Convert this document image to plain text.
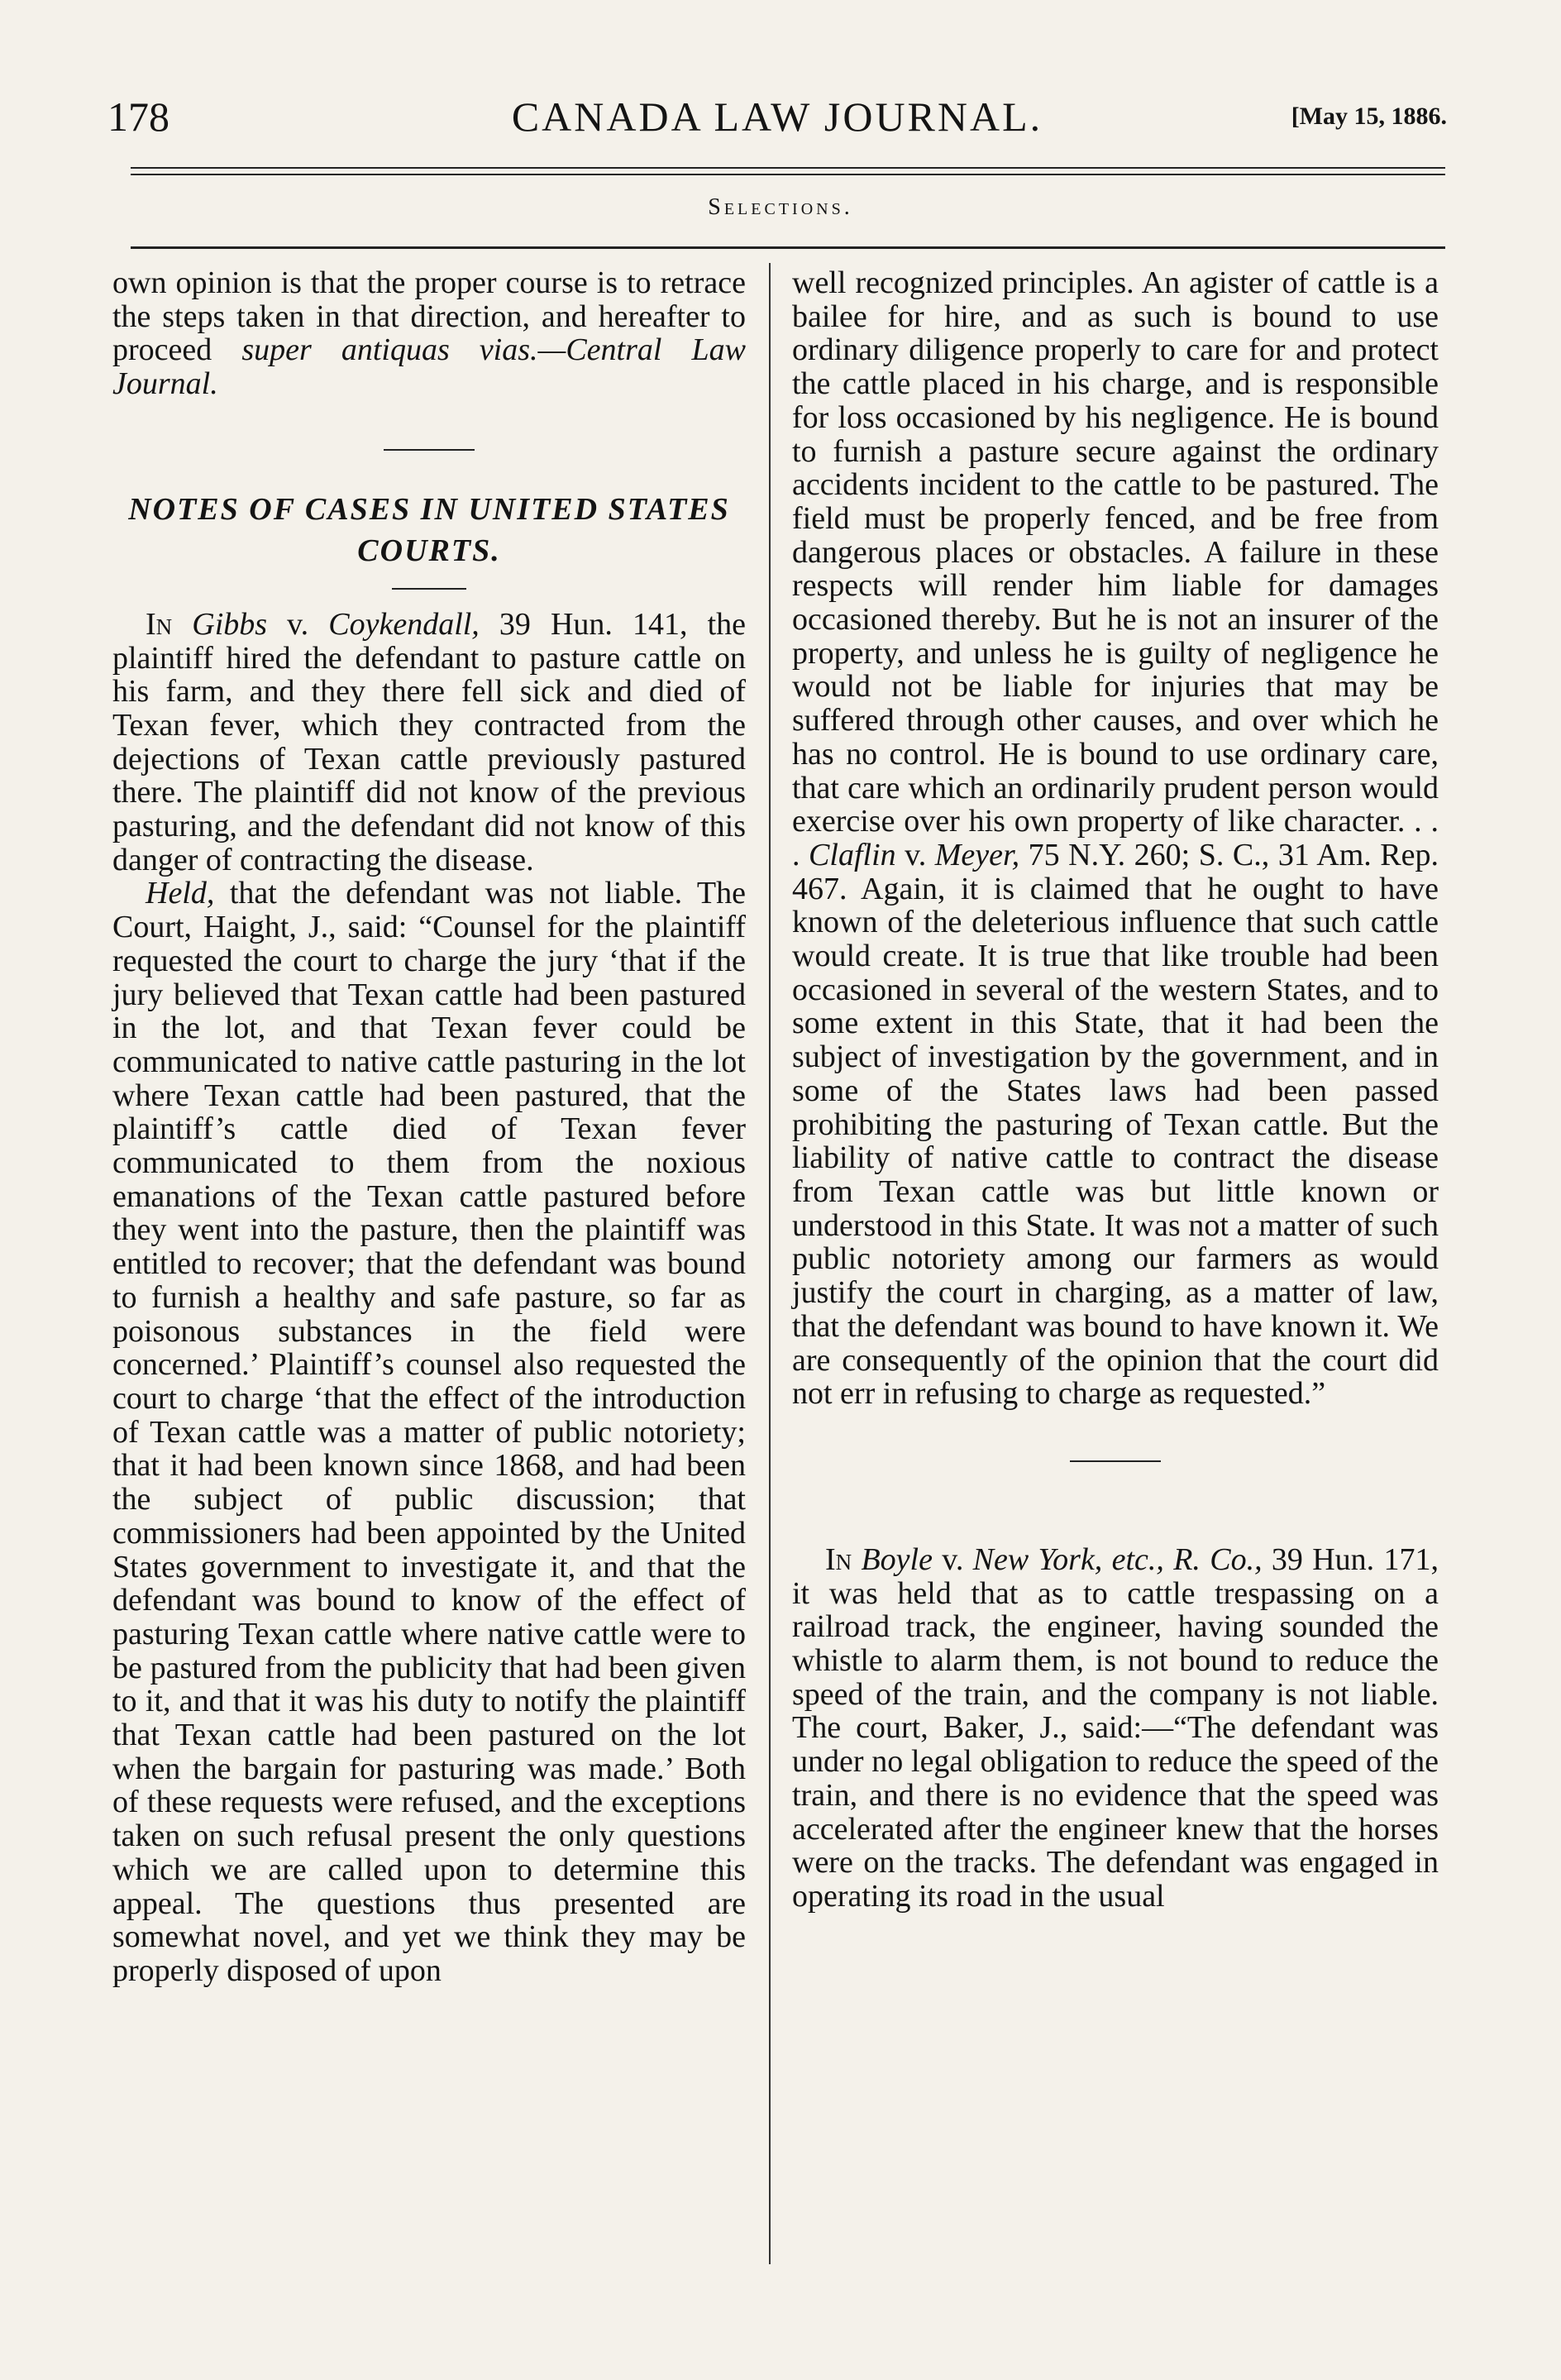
178	CANADA LAW JOURNAL.	[May 15, 1886.
Selections.

own opinion is that the proper course is to retrace the steps taken in that direction, and hereafter to proceed super antiquas vias.—Central Law Journal.

NOTES OF CASES IN UNITED STATES COURTS.

In Gibbs v. Coykendall, 39 Hun. 141, the plaintiff hired the defendant to pasture cattle on his farm, and they there fell sick and died of Texan fever, which they contracted from the dejections of Texan cattle previously pastured there. The plaintiff did not know of the previous pasturing, and the defendant did not know of this danger of contracting the disease.

Held, that the defendant was not liable. The Court, Haight, J., said: “Counsel for the plaintiff requested the court to charge the jury ‘that if the jury believed that Texan cattle had been pastured in the lot, and that Texan fever could be communicated to native cattle pasturing in the lot where Texan cattle had been pastured, that the plaintiff’s cattle died of Texan fever communicated to them from the noxious emanations of the Texan cattle pastured before they went into the pasture, then the plaintiff was entitled to recover; that the defendant was bound to furnish a healthy and safe pasture, so far as poisonous substances in the field were concerned.’ Plaintiff’s counsel also requested the court to charge ‘that the effect of the introduction of Texan cattle was a matter of public notoriety; that it had been known since 1868, and had been the subject of public discussion; that commissioners had been appointed by the United States government to investigate it, and that the defendant was bound to know of the effect of pasturing Texan cattle where native cattle were to be pastured from the publicity that had been given to it, and that it was his duty to notify the plaintiff that Texan cattle had been pastured on the lot when the bargain for pasturing was made.’ Both of these requests were refused, and the exceptions taken on such refusal present the only questions which we are called upon to determine this appeal. The questions thus presented are somewhat novel, and yet we think they may be properly disposed of upon

well recognized principles. An agister of cattle is a bailee for hire, and as such is bound to use ordinary diligence properly to care for and protect the cattle placed in his charge, and is responsible for loss occasioned by his negligence. He is bound to furnish a pasture secure against the ordinary accidents incident to the cattle to be pastured. The field must be properly fenced, and be free from dangerous places or obstacles. A failure in these respects will render him liable for damages occasioned thereby. But he is not an insurer of the property, and unless he is guilty of negligence he would not be liable for injuries that may be suffered through other causes, and over which he has no control. He is bound to use ordinary care, that care which an ordinarily prudent person would exercise over his own property of like character. . . . Claflin v. Meyer, 75 N.Y. 260; S. C., 31 Am. Rep. 467. Again, it is claimed that he ought to have known of the deleterious influence that such cattle would create. It is true that like trouble had been occasioned in several of the western States, and to some extent in this State, that it had been the subject of investigation by the government, and in some of the States laws had been passed prohibiting the pasturing of Texan cattle. But the liability of native cattle to contract the disease from Texan cattle was but little known or understood in this State. It was not a matter of such public notoriety among our farmers as would justify the court in charging, as a matter of law, that the defendant was bound to have known it. We are consequently of the opinion that the court did not err in refusing to charge as requested.”

In Boyle v. New York, etc., R. Co., 39 Hun. 171, it was held that as to cattle trespassing on a railroad track, the engineer, having sounded the whistle to alarm them, is not bound to reduce the speed of the train, and the company is not liable. The court, Baker, J., said:—“The defendant was under no legal obligation to reduce the speed of the train, and there is no evidence that the speed was accelerated after the engineer knew that the horses were on the tracks. The defendant was engaged in operating its road in the usual
